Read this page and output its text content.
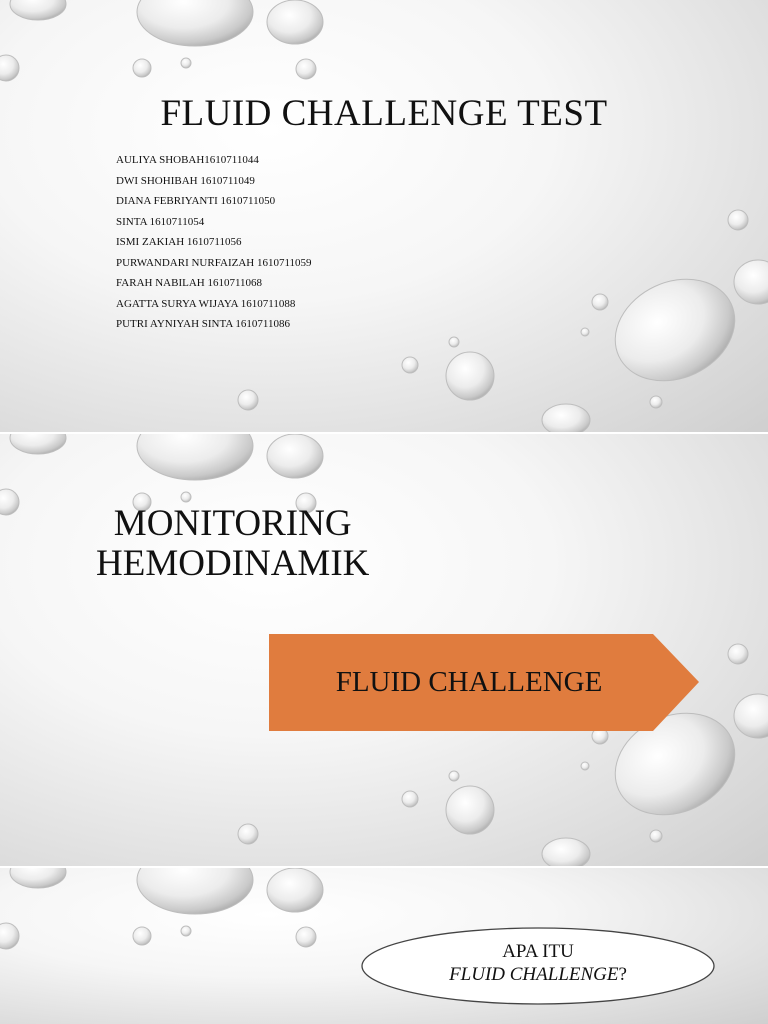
FLUID CHALLENGE TEST
AULIYA SHOBAH1610711044
DWI SHOHIBAH 1610711049
DIANA FEBRIYANTI 1610711050
SINTA 1610711054
ISMI ZAKIAH 1610711056
PURWANDARI NURFAIZAH 1610711059
FARAH NABILAH 1610711068
AGATTA SURYA WIJAYA 1610711088
PUTRI AYNIYAH SINTA 1610711086
MONITORING
HEMODINAMIK
FLUID CHALLENGE
APA ITU
FLUID CHALLENGE?
